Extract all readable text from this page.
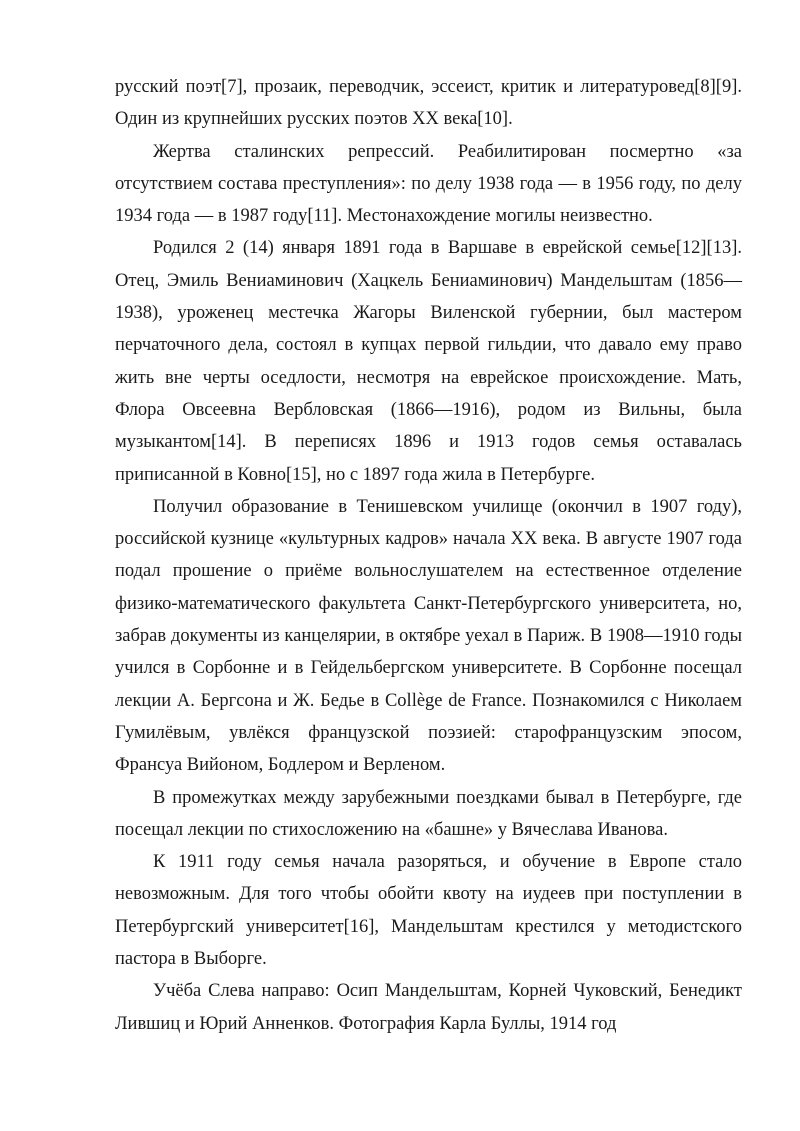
русский поэт[7], прозаик, переводчик, эссеист, критик и литературовед[8][9]. Один из крупнейших русских поэтов XX века[10].

Жертва сталинских репрессий. Реабилитирован посмертно «за отсутствием состава преступления»: по делу 1938 года — в 1956 году, по делу 1934 года — в 1987 году[11]. Местонахождение могилы неизвестно.

Родился 2 (14) января 1891 года в Варшаве в еврейской семье[12][13]. Отец, Эмиль Вениаминович (Хацкель Бениаминович) Мандельштам (1856—1938), уроженец местечка Жагоры Виленской губернии, был мастером перчаточного дела, состоял в купцах первой гильдии, что давало ему право жить вне черты оседлости, несмотря на еврейское происхождение. Мать, Флора Овсеевна Вербловская (1866—1916), родом из Вильны, была музыкантом[14]. В переписях 1896 и 1913 годов семья оставалась приписанной в Ковно[15], но с 1897 года жила в Петербурге.

Получил образование в Тенишевском училище (окончил в 1907 году), российской кузнице «культурных кадров» начала XX века. В августе 1907 года подал прошение о приёме вольнослушателем на естественное отделение физико-математического факультета Санкт-Петербургского университета, но, забрав документы из канцелярии, в октябре уехал в Париж. В 1908—1910 годы учился в Сорбонне и в Гейдельбергском университете. В Сорбонне посещал лекции А. Бергсона и Ж. Бедье в Collège de France. Познакомился с Николаем Гумилёвым, увлёкся французской поэзией: старофранцузским эпосом, Франсуа Вийоном, Бодлером и Верленом.

В промежутках между зарубежными поездками бывал в Петербурге, где посещал лекции по стихосложению на «башне» у Вячеслава Иванова.

К 1911 году семья начала разоряться, и обучение в Европе стало невозможным. Для того чтобы обойти квоту на иудеев при поступлении в Петербургский университет[16], Мандельштам крестился у методистского пастора в Выборге.

Учёба Слева направо: Осип Мандельштам, Корней Чуковский, Бенедикт Лившиц и Юрий Анненков. Фотография Карла Буллы, 1914 год
